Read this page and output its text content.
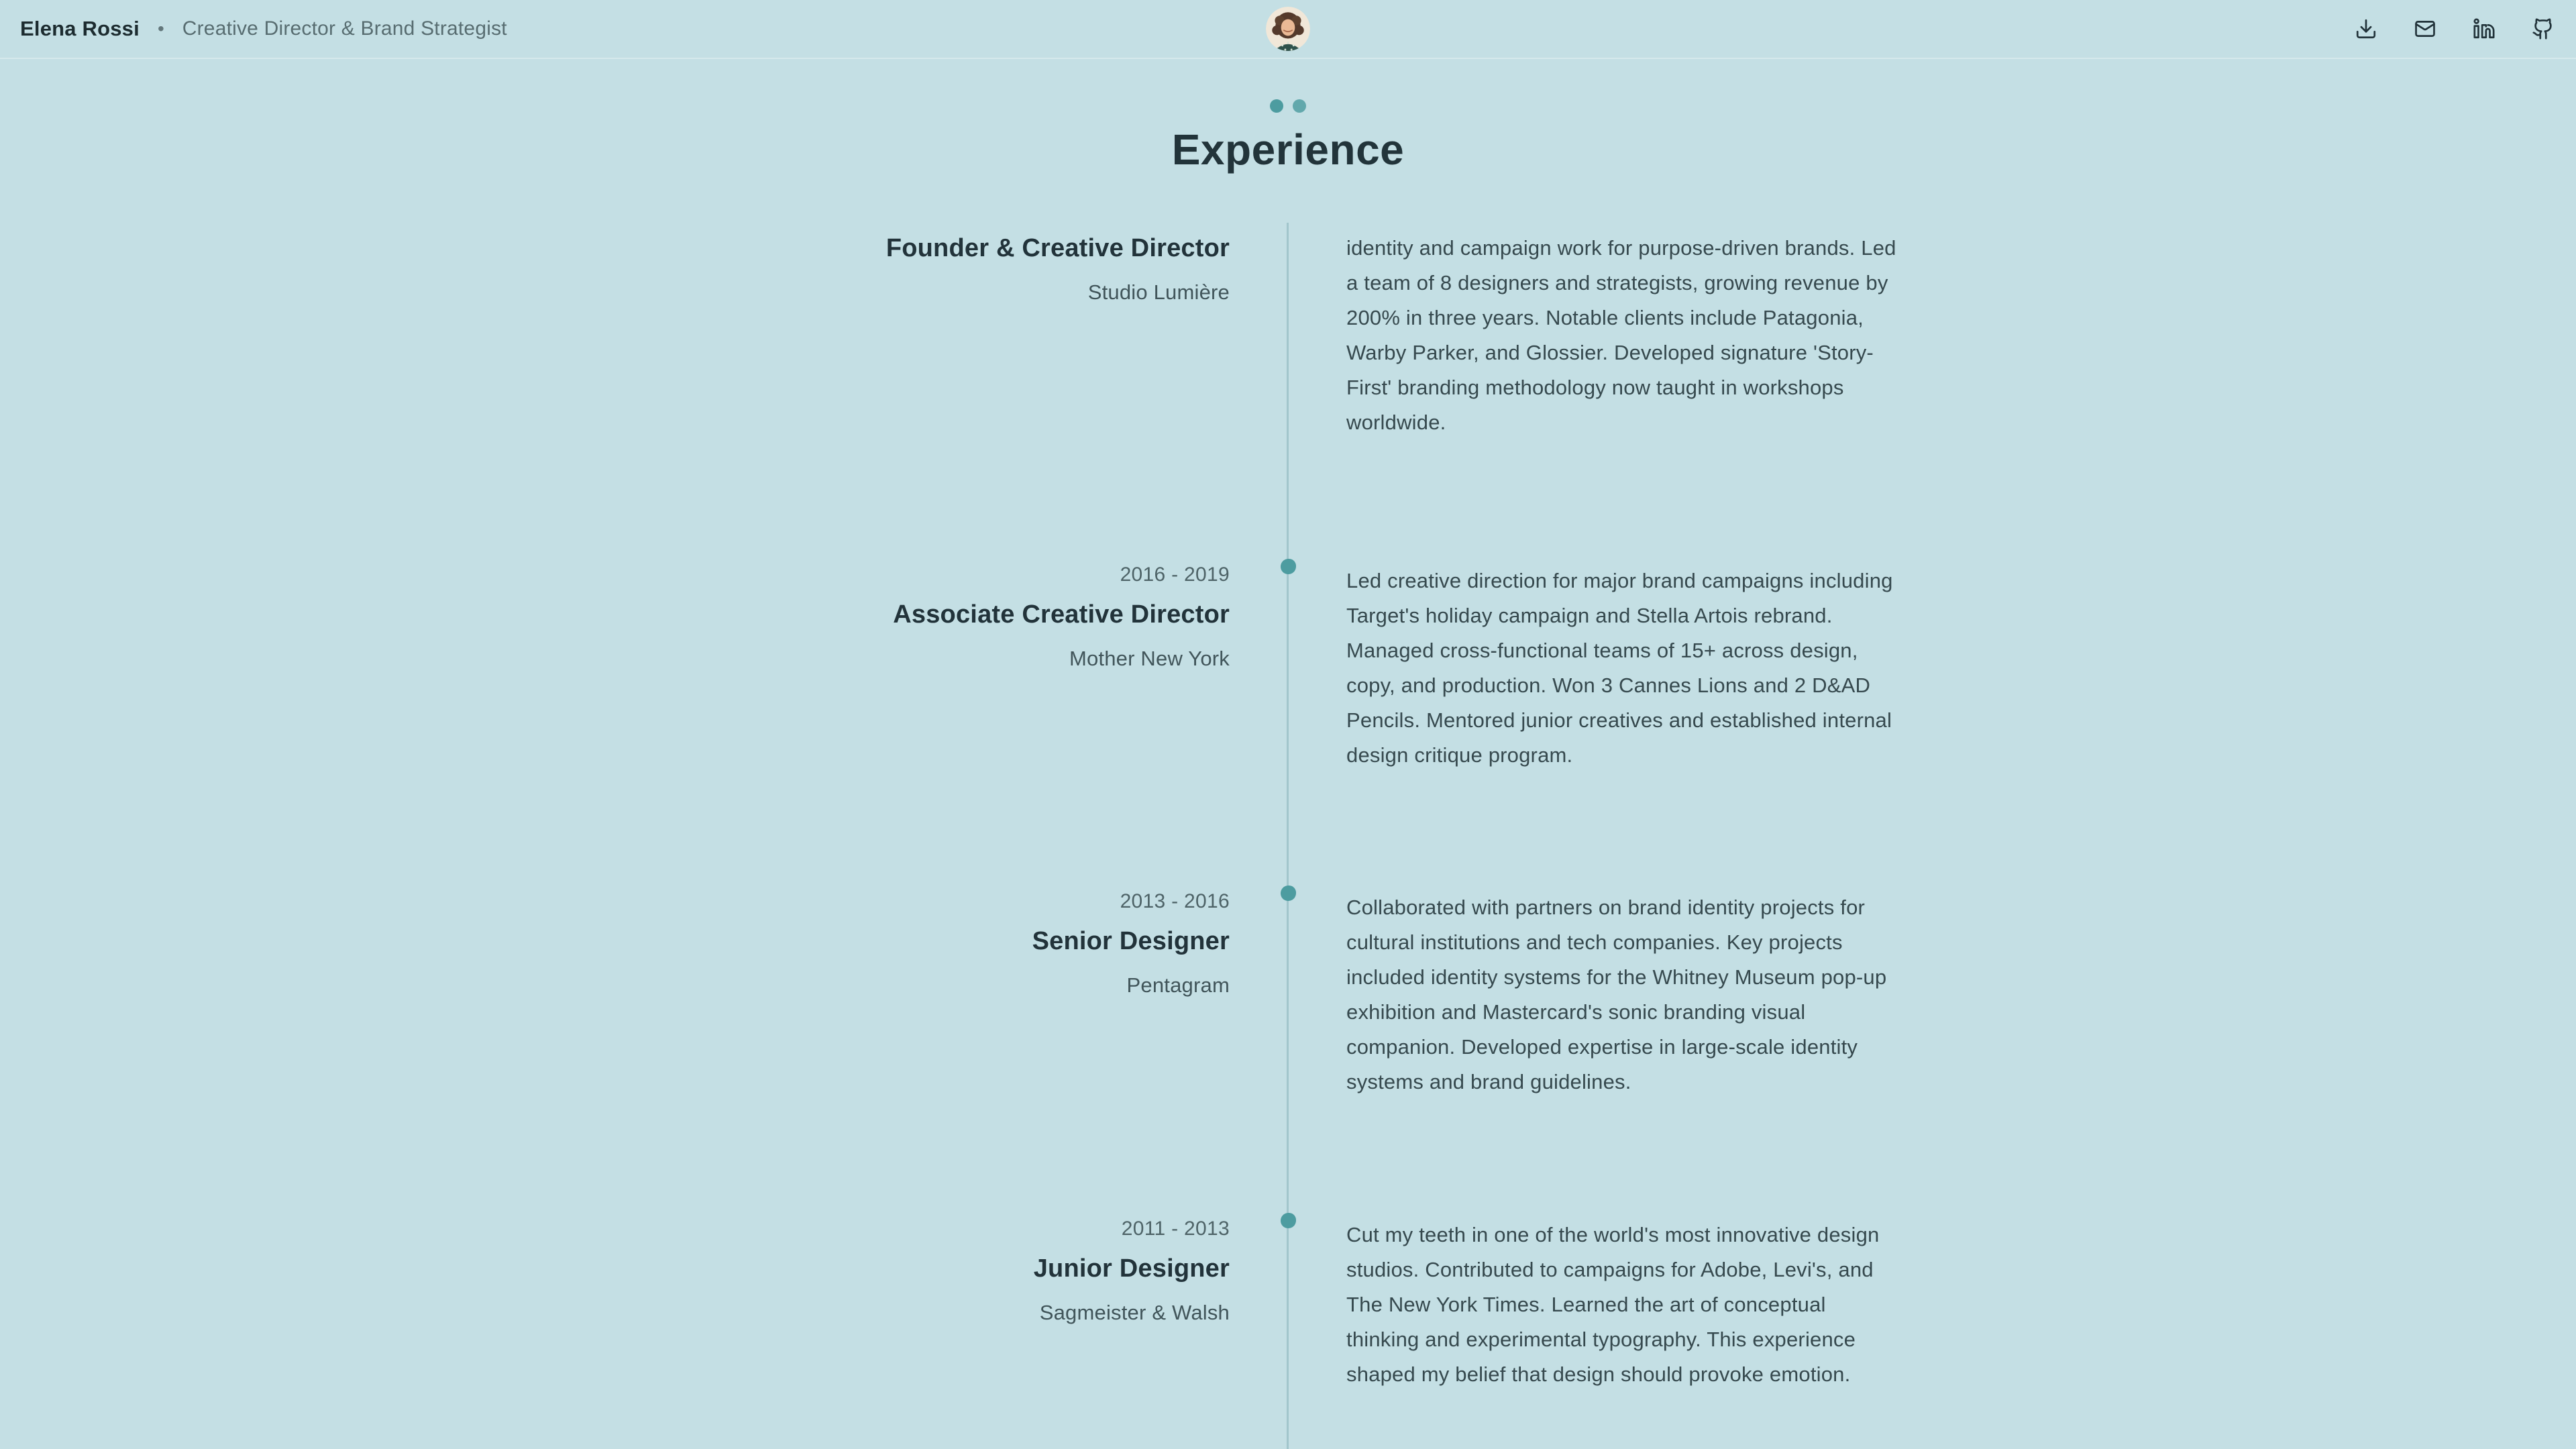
Elena Rossi • Creative Director & Brand Strategist
Experience
Founder & Creative Director
Studio Lumière
identity and campaign work for purpose-driven brands. Led a team of 8 designers and strategists, growing revenue by 200% in three years. Notable clients include Patagonia, Warby Parker, and Glossier. Developed signature 'Story-First' branding methodology now taught in workshops worldwide.
2016 - 2019
Associate Creative Director
Mother New York
Led creative direction for major brand campaigns including Target's holiday campaign and Stella Artois rebrand. Managed cross-functional teams of 15+ across design, copy, and production. Won 3 Cannes Lions and 2 D&AD Pencils. Mentored junior creatives and established internal design critique program.
2013 - 2016
Senior Designer
Pentagram
Collaborated with partners on brand identity projects for cultural institutions and tech companies. Key projects included identity systems for the Whitney Museum pop-up exhibition and Mastercard's sonic branding visual companion. Developed expertise in large-scale identity systems and brand guidelines.
2011 - 2013
Junior Designer
Sagmeister & Walsh
Cut my teeth in one of the world's most innovative design studios. Contributed to campaigns for Adobe, Levi's, and The New York Times. Learned the art of conceptual thinking and experimental typography. This experience shaped my belief that design should provoke emotion.
